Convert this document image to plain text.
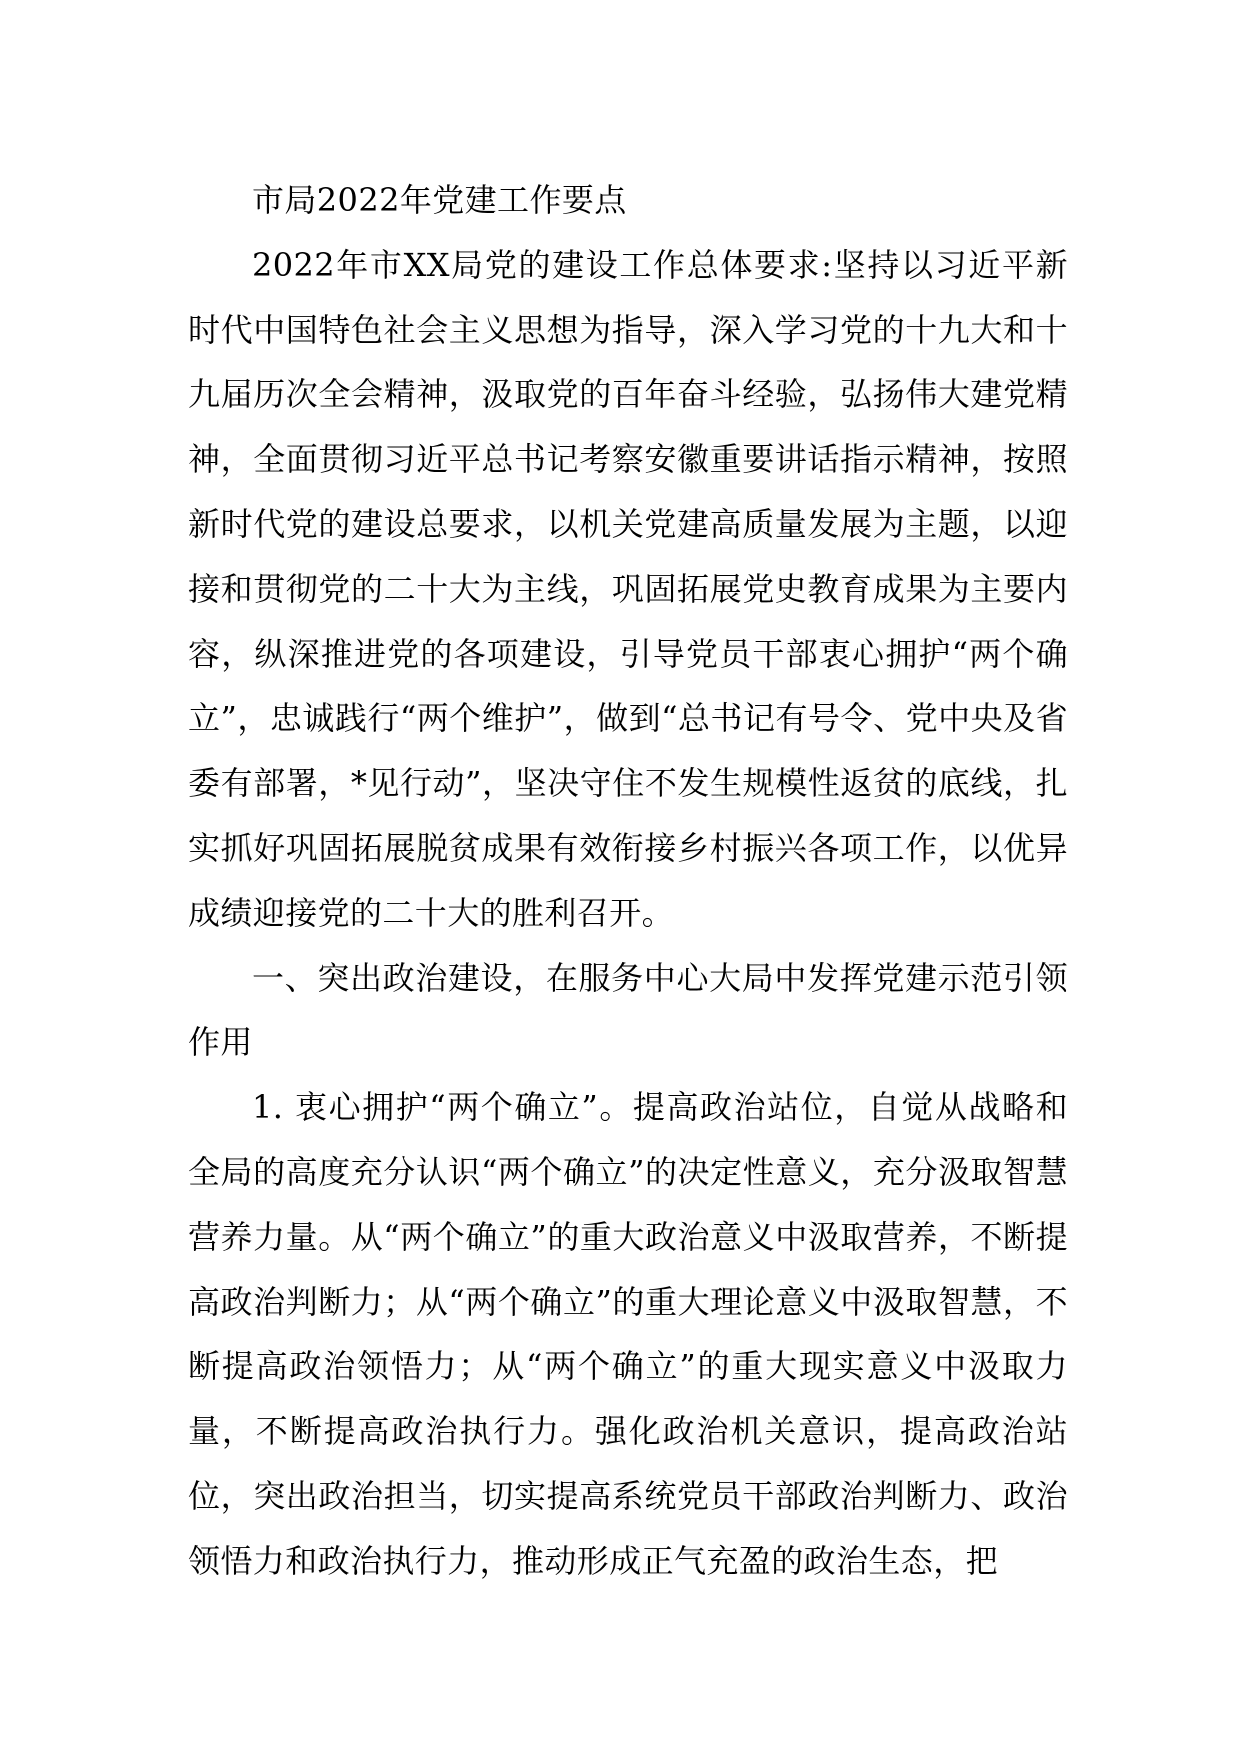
市局2022年党建工作要点

2022年市XX局党的建设工作总体要求:坚持以习近平新时代中国特色社会主义思想为指导，深入学习党的十九大和十九届历次全会精神，汲取党的百年奋斗经验，弘扬伟大建党精神，全面贯彻习近平总书记考察安徽重要讲话指示精神，按照新时代党的建设总要求，以机关党建高质量发展为主题，以迎接和贯彻党的二十大为主线，巩固拓展党史教育成果为主要内容，纵深推进党的各项建设，引导党员干部衷心拥护“两个确立”，忠诚践行“两个维护”，做到“总书记有号令、党中央及省委有部署，*见行动”，坚决守住不发生规模性返贫的底线，扎实抓好巩固拓展脱贫成果有效衔接乡村振兴各项工作，以优异成绩迎接党的二十大的胜利召开。

一、突出政治建设，在服务中心大局中发挥党建示范引领作用

1. 衷心拥护“两个确立”。提高政治站位，自觉从战略和全局的高度充分认识“两个确立”的决定性意义，充分汲取智慧营养力量。从“两个确立”的重大政治意义中汲取营养，不断提高政治判断力；从“两个确立”的重大理论意义中汲取智慧，不断提高政治领悟力；从“两个确立”的重大现实意义中汲取力量，不断提高政治执行力。强化政治机关意识，提高政治站位，突出政治担当，切实提高系统党员干部政治判断力、政治领悟力和政治执行力，推动形成正气充盈的政治生态，把
